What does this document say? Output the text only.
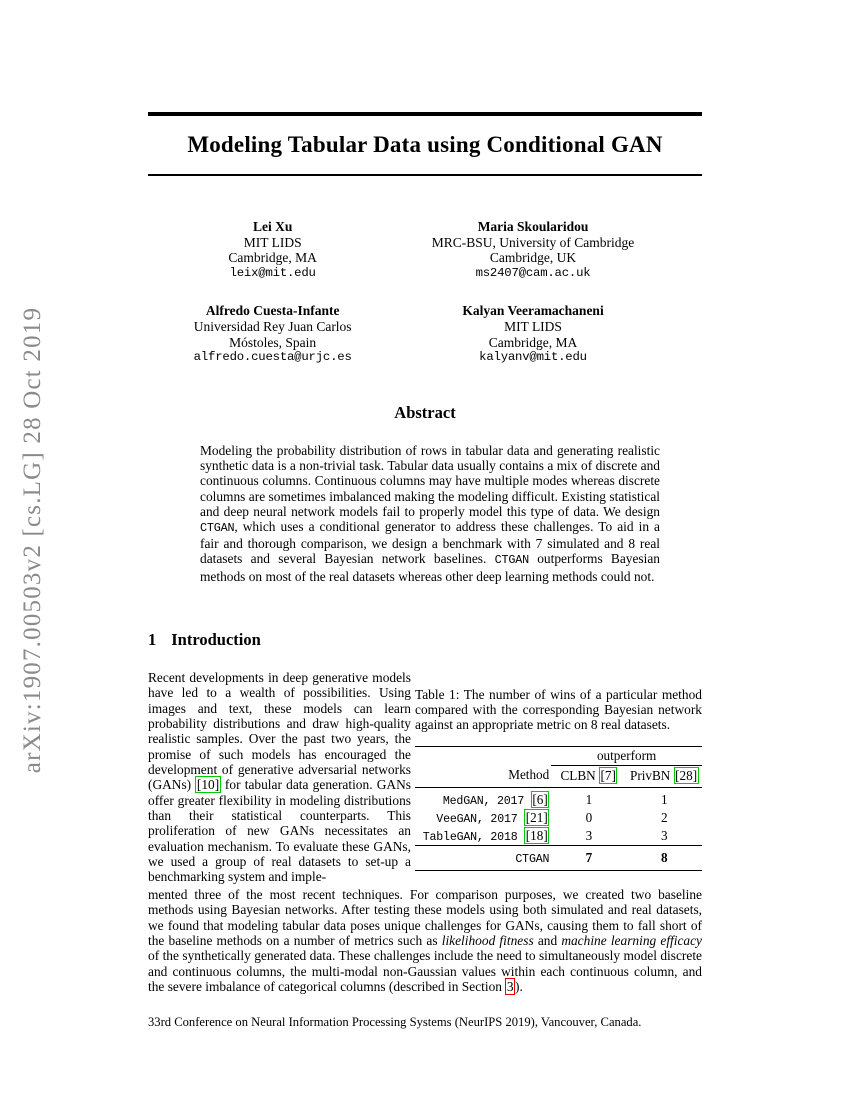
arXiv:1907.00503v2 [cs.LG] 28 Oct 2019
Modeling Tabular Data using Conditional GAN
Lei Xu
MIT LIDS
Cambridge, MA
leix@mit.edu
Maria Skoularidou
MRC-BSU, University of Cambridge
Cambridge, UK
ms2407@cam.ac.uk
Alfredo Cuesta-Infante
Universidad Rey Juan Carlos
Móstoles, Spain
alfredo.cuesta@urjc.es
Kalyan Veeramachaneni
MIT LIDS
Cambridge, MA
kalyanv@mit.edu
Abstract
Modeling the probability distribution of rows in tabular data and generating realistic synthetic data is a non-trivial task. Tabular data usually contains a mix of discrete and continuous columns. Continuous columns may have multiple modes whereas discrete columns are sometimes imbalanced making the modeling difficult. Existing statistical and deep neural network models fail to properly model this type of data. We design CTGAN, which uses a conditional generator to address these challenges. To aid in a fair and thorough comparison, we design a benchmark with 7 simulated and 8 real datasets and several Bayesian network baselines. CTGAN outperforms Bayesian methods on most of the real datasets whereas other deep learning methods could not.
1 Introduction
Recent developments in deep generative models have led to a wealth of possibilities. Using images and text, these models can learn probability distributions and draw high-quality realistic samples. Over the past two years, the promise of such models has encouraged the development of generative adversarial networks (GANs) [10] for tabular data generation. GANs offer greater flexibility in modeling distributions than their statistical counterparts. This proliferation of new GANs necessitates an evaluation mechanism. To evaluate these GANs, we used a group of real datasets to set-up a benchmarking system and imple-
Table 1: The number of wins of a particular method compared with the corresponding Bayesian network against an appropriate metric on 8 real datasets.
	outperform	
Method	CLBN [7]	PrivBN [28]
MedGAN, 2017 [6]	1	1
VeeGAN, 2017 [21]	0	2
TableGAN, 2018 [18]	3	3
CTGAN	7	8
mented three of the most recent techniques. For comparison purposes, we created two baseline methods using Bayesian networks. After testing these models using both simulated and real datasets, we found that modeling tabular data poses unique challenges for GANs, causing them to fall short of the baseline methods on a number of metrics such as likelihood fitness and machine learning efficacy of the synthetically generated data. These challenges include the need to simultaneously model discrete and continuous columns, the multi-modal non-Gaussian values within each continuous column, and the severe imbalance of categorical columns (described in Section 3 ).
33rd Conference on Neural Information Processing Systems (NeurIPS 2019), Vancouver, Canada.
